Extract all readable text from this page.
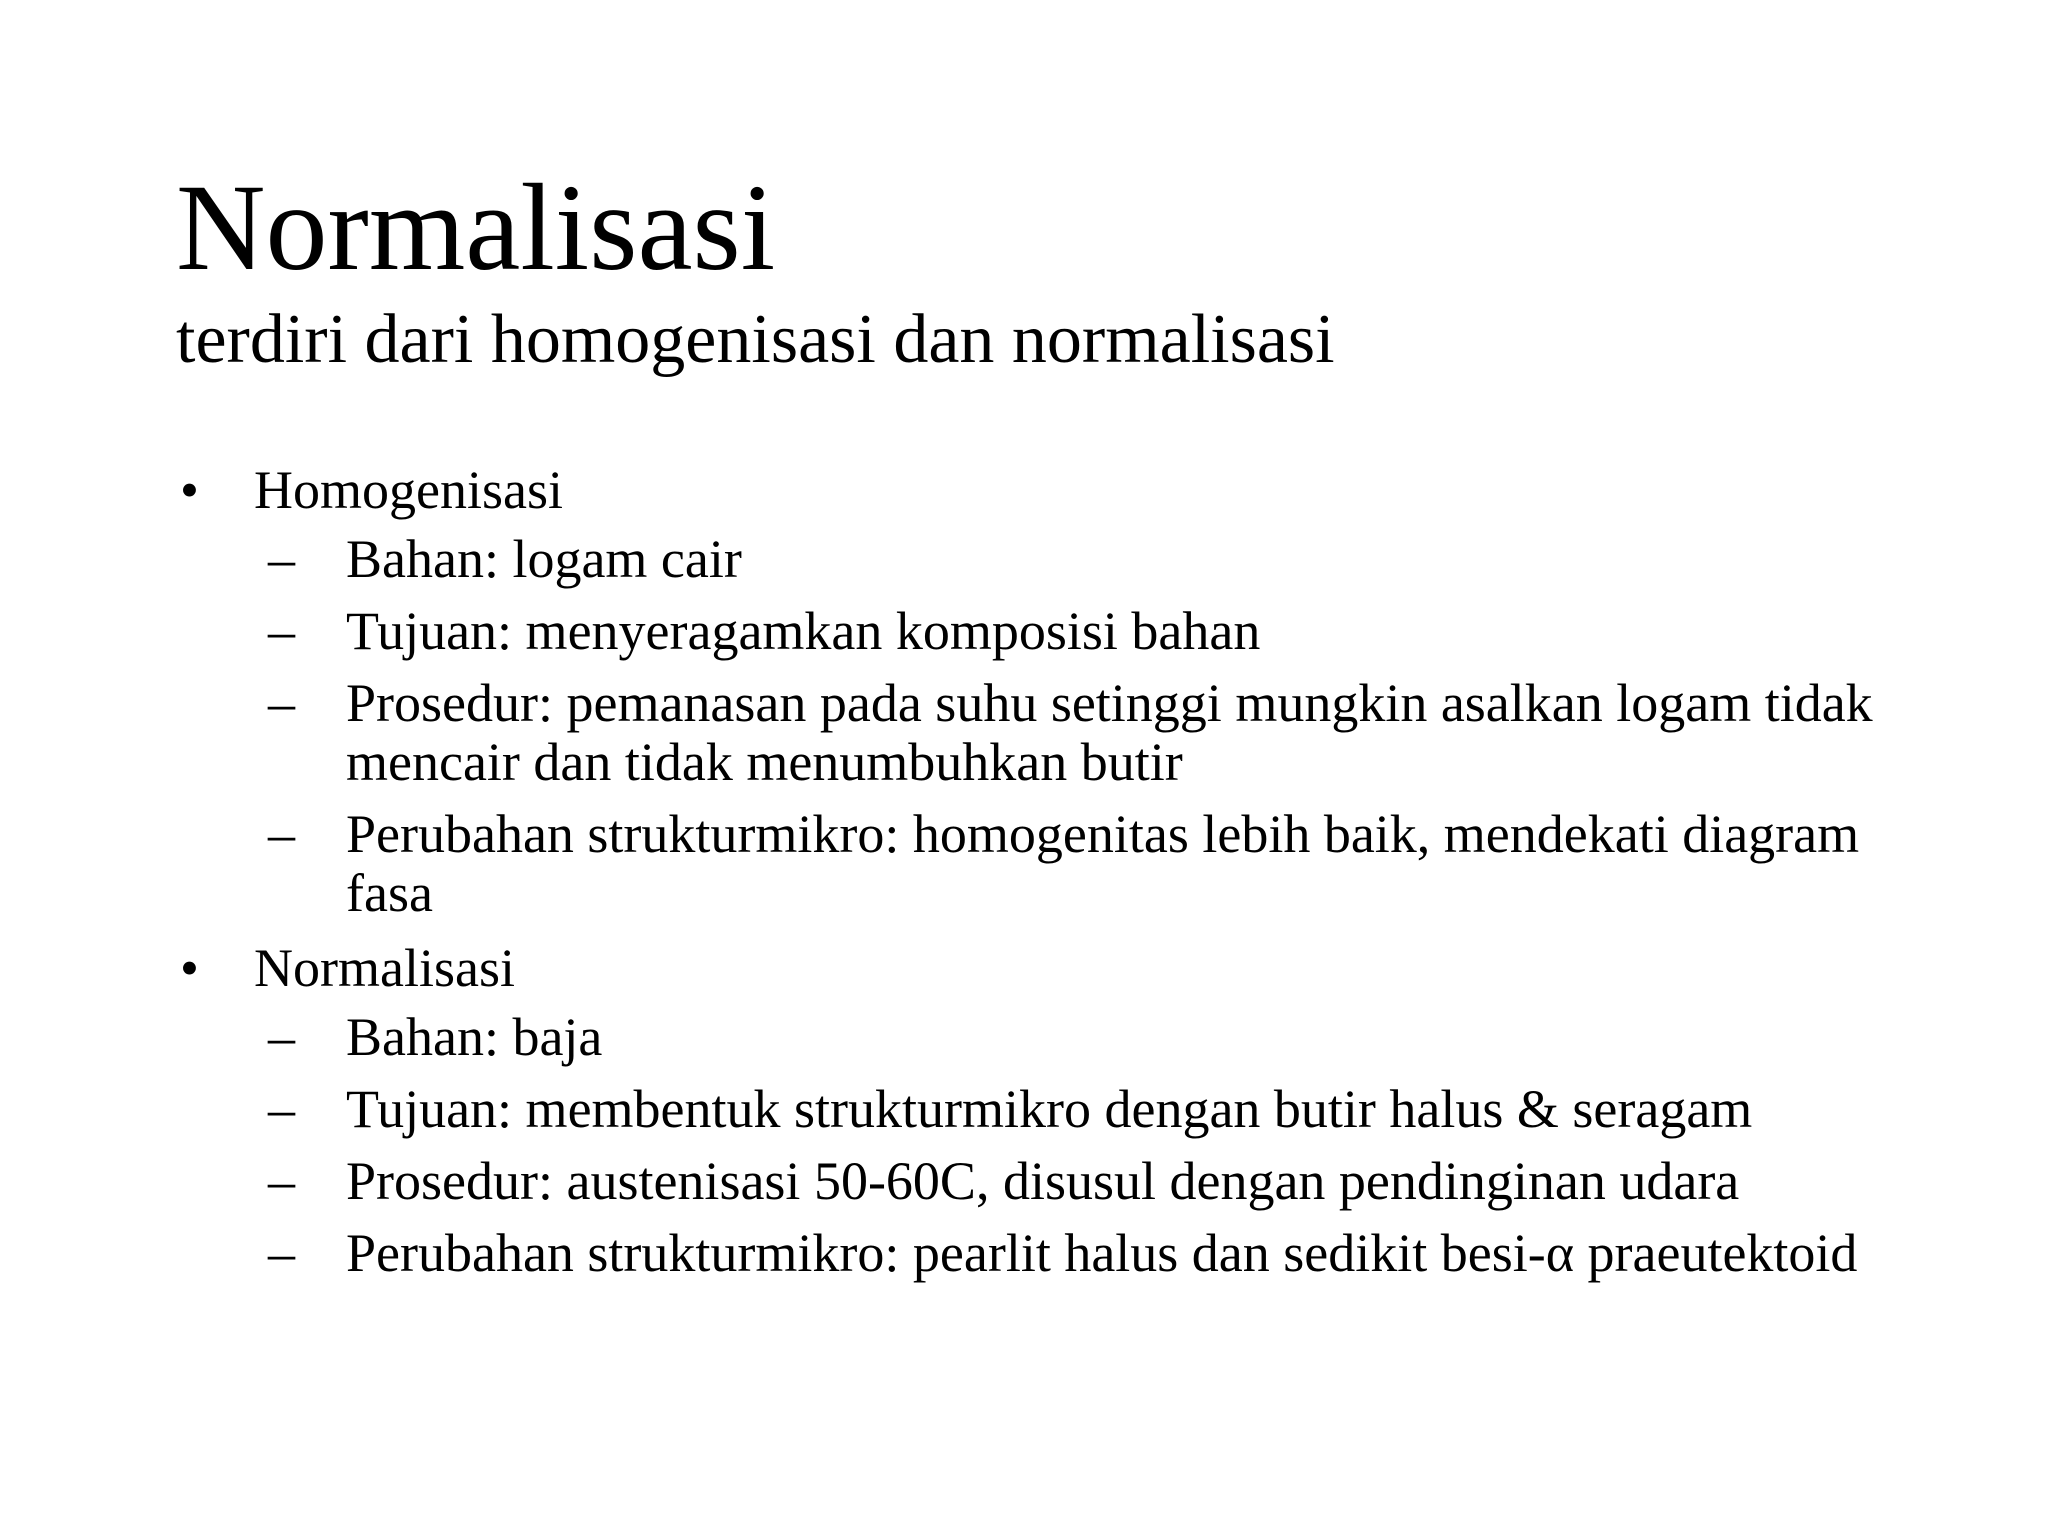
Normalisasi
terdiri dari homogenisasi dan normalisasi
• Homogenisasi
– Bahan: logam cair
– Tujuan: menyeragamkan komposisi bahan
– Prosedur: pemanasan pada suhu setinggi mungkin asalkan logam tidak mencair dan tidak menumbuhkan butir
– Perubahan strukturmikro: homogenitas lebih baik, mendekati diagram fasa
• Normalisasi
– Bahan: baja
– Tujuan: membentuk strukturmikro dengan butir halus & seragam
– Prosedur: austenisasi 50-60C, disusul dengan pendinginan udara
– Perubahan strukturmikro: pearlit halus dan sedikit besi-α praeutektoid
